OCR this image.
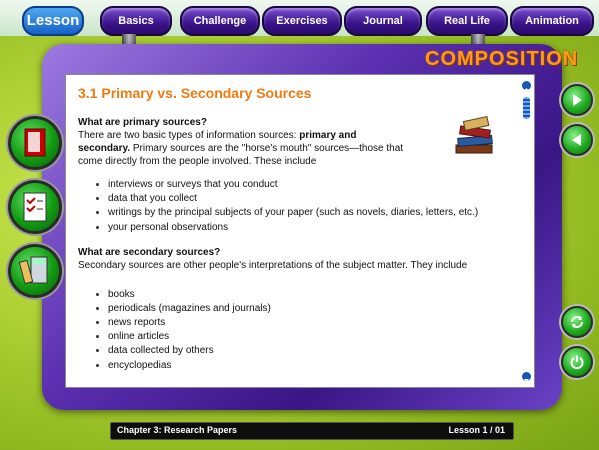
Lesson	Basics	Challenge	Exercises	Journal	Real Life	Animation
COMPOSITION
3.1 Primary vs. Secondary Sources
What are primary sources?

There are two basic types of information sources: primary and secondary. Primary sources are the "horse's mouth" sources—those that come directly from the people involved. These include

interviews or surveys that you conduct
data that you collect
writings by the principal subjects of your paper (such as novels, diaries, letters, etc.)
your personal observations
What are secondary sources?

Secondary sources are other people's interpretations of the subject matter. They include

books
periodicals (magazines and journals)
news reports
online articles
data collected by others
encyclopedias
Chapter 3: Research Papers	Lesson 1 / 01
